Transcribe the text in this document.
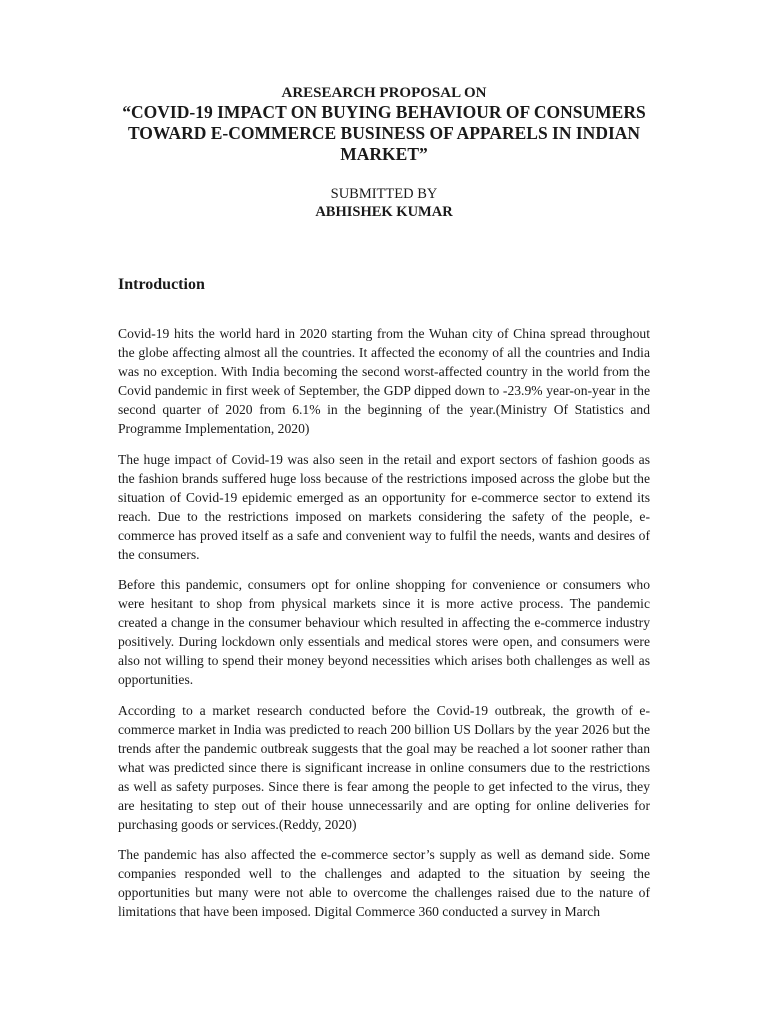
ARESEARCH PROPOSAL ON
“COVID-19 IMPACT ON BUYING BEHAVIOUR OF CONSUMERS TOWARD E-COMMERCE BUSINESS OF APPARELS IN INDIAN MARKET”
SUBMITTED BY
ABHISHEK KUMAR
Introduction

Covid-19 hits the world hard in 2020 starting from the Wuhan city of China spread throughout the globe affecting almost all the countries. It affected the economy of all the countries and India was no exception. With India becoming the second worst-affected country in the world from the Covid pandemic in first week of September, the GDP dipped down to -23.9% year-on-year in the second quarter of 2020 from 6.1% in the beginning of the year.(Ministry Of Statistics and Programme Implementation, 2020)

The huge impact of Covid-19 was also seen in the retail and export sectors of fashion goods as the fashion brands suffered huge loss because of the restrictions imposed across the globe but the situation of Covid-19 epidemic emerged as an opportunity for e-commerce sector to extend its reach. Due to the restrictions imposed on markets considering the safety of the people, e-commerce has proved itself as a safe and convenient way to fulfil the needs, wants and desires of the consumers.

Before this pandemic, consumers opt for online shopping for convenience or consumers who were hesitant to shop from physical markets since it is more active process. The pandemic created a change in the consumer behaviour which resulted in affecting the e-commerce industry positively. During lockdown only essentials and medical stores were open, and consumers were also not willing to spend their money beyond necessities which arises both challenges as well as opportunities.

According to a market research conducted before the Covid-19 outbreak, the growth of e-commerce market in India was predicted to reach 200 billion US Dollars by the year 2026 but the trends after the pandemic outbreak suggests that the goal may be reached a lot sooner rather than what was predicted since there is significant increase in online consumers due to the restrictions as well as safety purposes. Since there is fear among the people to get infected to the virus, they are hesitating to step out of their house unnecessarily and are opting for online deliveries for purchasing goods or services.(Reddy, 2020)

The pandemic has also affected the e-commerce sector’s supply as well as demand side. Some companies responded well to the challenges and adapted to the situation by seeing the opportunities but many were not able to overcome the challenges raised due to the nature of limitations that have been imposed. Digital Commerce 360 conducted a survey in March
